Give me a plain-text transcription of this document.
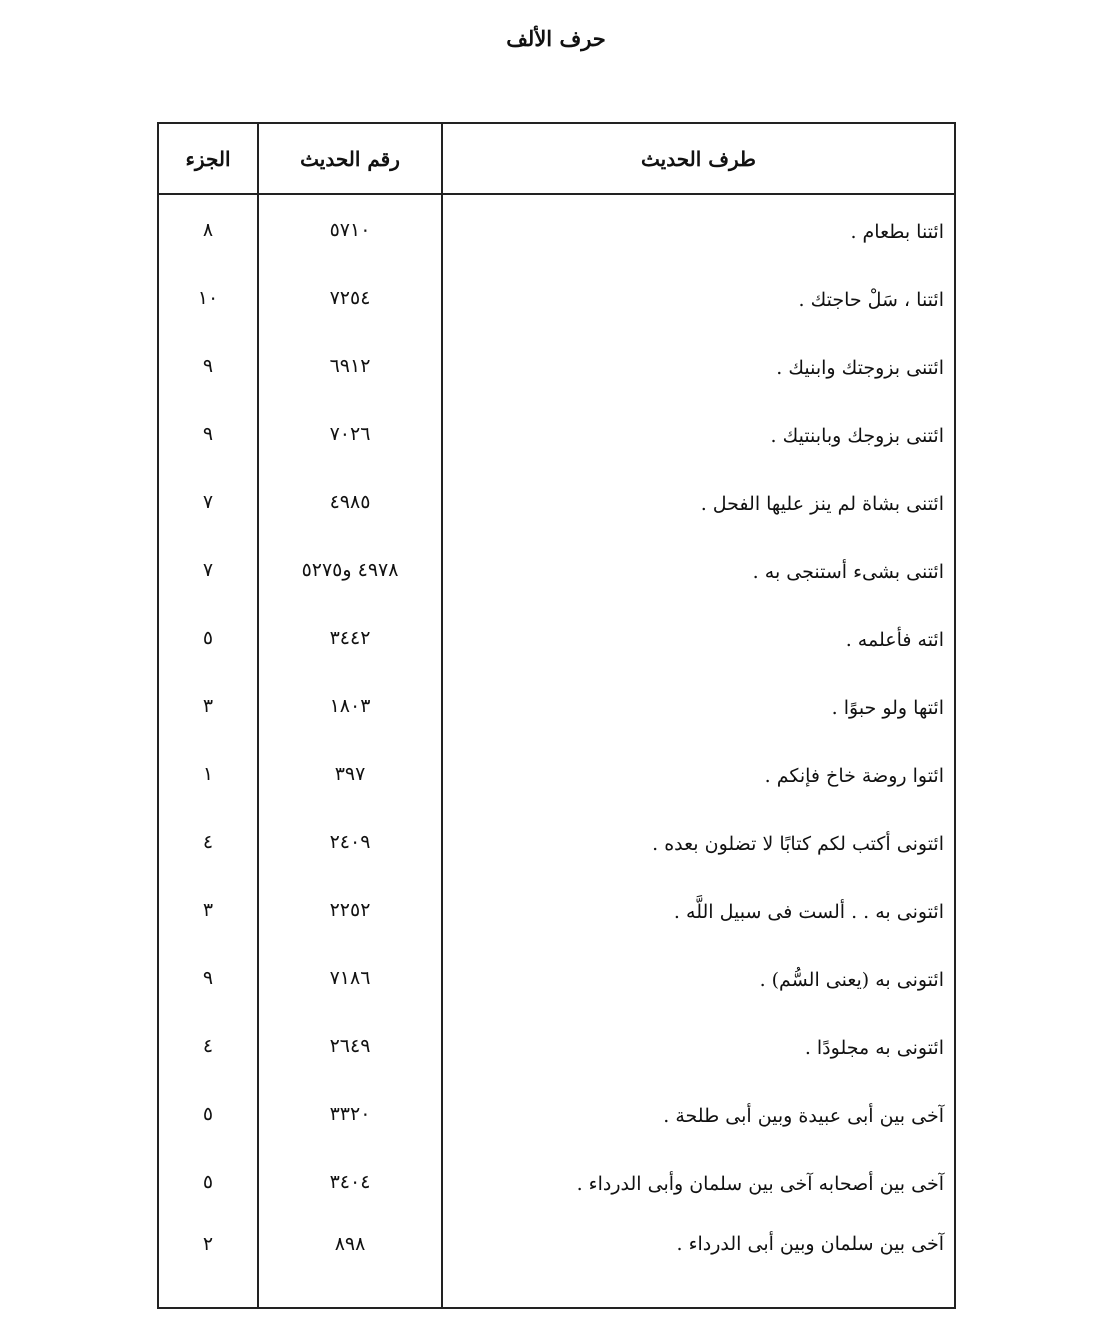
حرف الألف
طرف الحديث	رقم الحديث	الجزء
ائتنا بطعام .	٥٧١٠	٨
ائتنا ، سَلْ حاجتك .	٧٢٥٤	١٠
ائتنى بزوجتك وابنيك .	٦٩١٢	٩
ائتنى بزوجك وبابنتيك .	٧٠٢٦	٩
ائتنى بشاة لم ينز عليها الفحل .	٤٩٨٥	٧
ائتنى بشىء أستنجى به .	٤٩٧٨ و٥٢٧٥	٧
ائته فأعلمه .	٣٤٤٢	٥
ائتها ولو حبوًا .	١٨٠٣	٣
ائتوا روضة خاخ فإنكم .	٣٩٧	١
ائتونى أكتب لكم كتابًا لا تضلون بعده .	٢٤٠٩	٤
ائتونى به . . ألست فى سبيل اللَّه .	٢٢٥٢	٣
ائتونى به (يعنى السُّم) .	٧١٨٦	٩
ائتونى به مجلودًا .	٢٦٤٩	٤
آخى بين أبى عبيدة وبين أبى طلحة .	٣٣٢٠	٥
آخى بين أصحابه آخى بين سلمان وأبى الدرداء .	٣٤٠٤	٥
آخى بين سلمان وبين أبى الدرداء .	٨٩٨	٢
